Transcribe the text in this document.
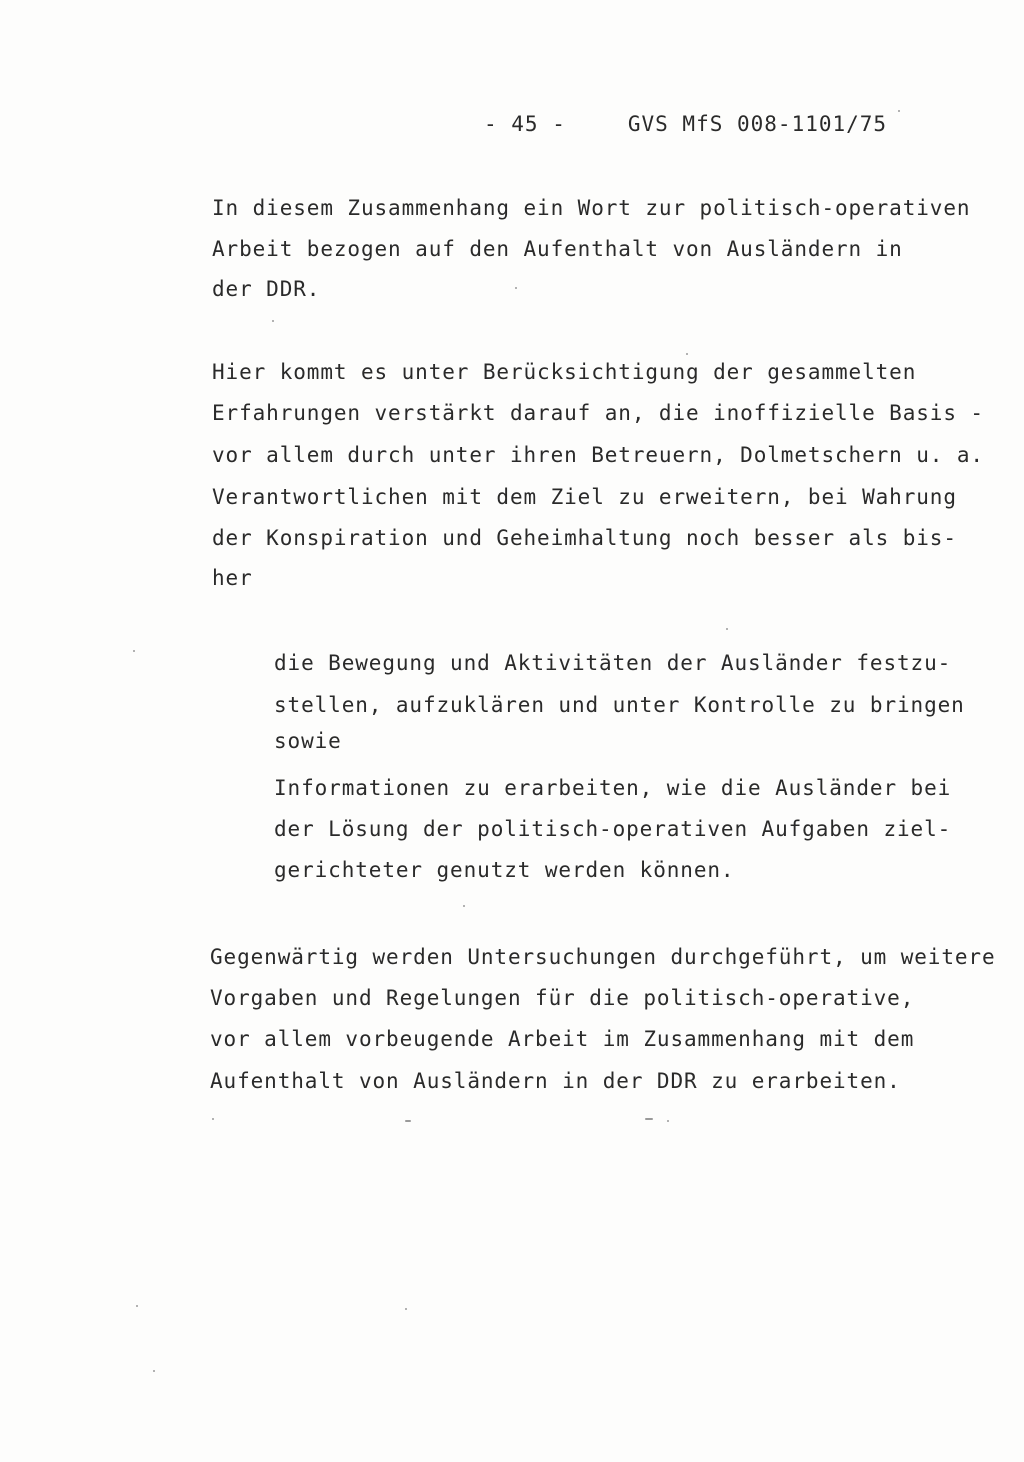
- 45 -	GVS MfS 008-1101/75
In diesem Zusammenhang ein Wort zur politisch-operativen
Arbeit bezogen auf den Aufenthalt von Ausländern in
der DDR.
Hier kommt es unter Berücksichtigung der gesammelten
Erfahrungen verstärkt darauf an, die inoffizielle Basis -
vor allem durch unter ihren Betreuern, Dolmetschern u. a.
Verantwortlichen mit dem Ziel zu erweitern, bei Wahrung
der Konspiration und Geheimhaltung noch besser als bis-
her
die Bewegung und Aktivitäten der Ausländer festzu-
stellen, aufzuklären und unter Kontrolle zu bringen
sowie
Informationen zu erarbeiten, wie die Ausländer bei
der Lösung der politisch-operativen Aufgaben ziel-
gerichteter genutzt werden können.
Gegenwärtig werden Untersuchungen durchgeführt, um weitere
Vorgaben und Regelungen für die politisch-operative,
vor allem vorbeugende Arbeit im Zusammenhang mit dem
Aufenthalt von Ausländern in der DDR zu erarbeiten.
